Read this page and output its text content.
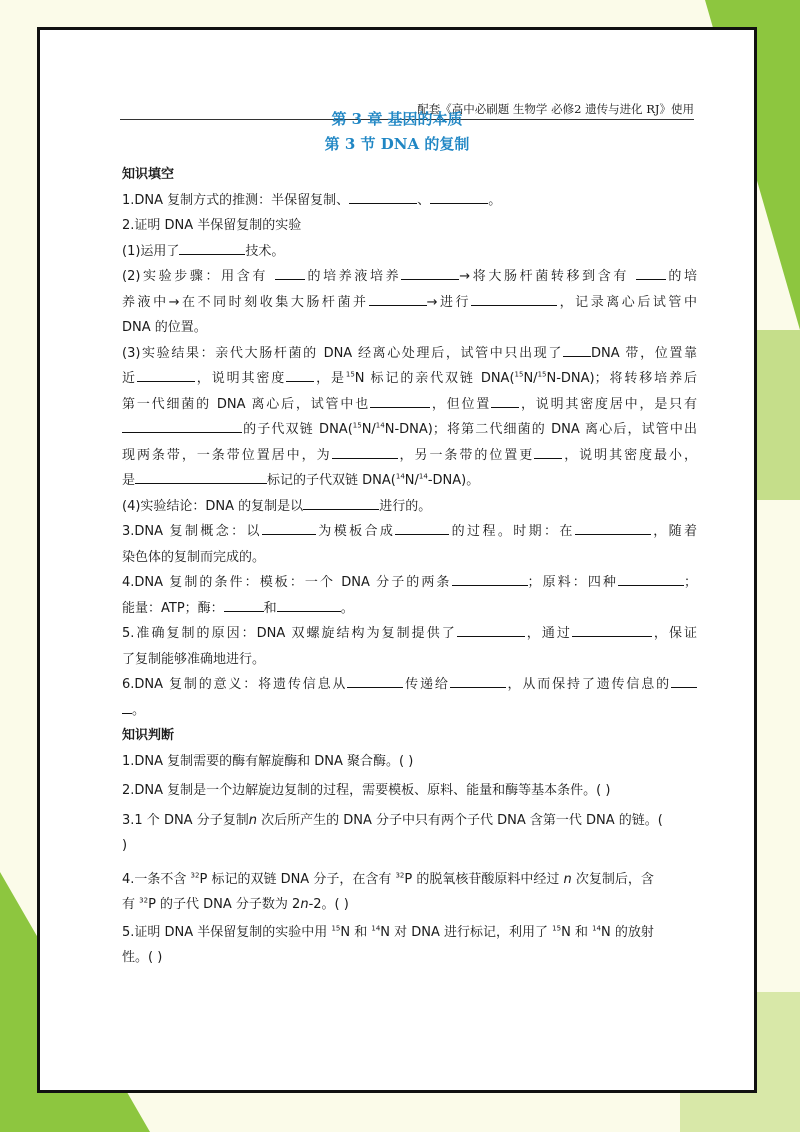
配套《高中必刷题 生物学 必修2 遗传与进化 RJ》使用
第 3 章 基因的本质
第 3 节 DNA 的复制
知识填空
1.DNA 复制方式的推测：半保留复制、	、	。
2.证明 DNA 半保留复制的实验
(1)运用了	技术。
(2)实验步骤：用含有 的培养液培养	→将大肠杆菌转移到含有 的培
养液中→在不同时刻收集大肠杆菌并	→进行	，记录离心后试管中
DNA 的位置。
(3)实验结果：亲代大肠杆菌的 DNA 经离心处理后，试管中只出现了 DNA 带，位置靠
近	，说明其密度 ，是$^{15}$N 标记的亲代双链 DNA($^{15}$N/$^{15}$N-DNA)；将转移培养后
第一代细菌的 DNA 离心后，试管中也	，但位置 ，说明其密度居中，是只有
的子代双链 DNA($^{15}$N/$^{14}$N-DNA)；将第二代细菌的 DNA 离心后，试管中出
现两条带，一条带位置居中，为	，另一条带的位置更 ，说明其密度最小，
是	标记的子代双链 DNA($^{14}$N/$^{14}$-DNA)。
(4)实验结论：DNA 的复制是以	进行的。
3.DNA 复制概念：以	为模板合成	的过程。时期：在	，随着
染色体的复制而完成的。
4.DNA 复制的条件：模板：一个 DNA 分子的两条	；原料：四种	；
能量：ATP；酶：	和	。
5.准确复制的原因：DNA 双螺旋结构为复制提供了	，通过	，保证
了复制能够准确地进行。
6.DNA 复制的意义：将遗传信息从	传递给	，从而保持了遗传信息的
。
知识判断
1.DNA 复制需要的酶有解旋酶和 DNA 聚合酶。( )
2.DNA 复制是一个边解旋边复制的过程，需要模板、原料、能量和酶等基本条件。( )
3.1 个 DNA 分子复制n 次后所产生的 DNA 分子中只有两个子代 DNA 含第一代 DNA 的链。(
)
4.一条不含 $^{32}$P 标记的双链 DNA 分子，在含有 $^{32}$P 的脱氧核苷酸原料中经过 n 次复制后，含
有 $^{32}$P 的子代 DNA 分子数为 2n-2。( )
5.证明 DNA 半保留复制的实验中用 $^{15}$N 和 $^{14}$N 对 DNA 进行标记，利用了 $^{15}$N 和 $^{14}$N 的放射
性。( )
